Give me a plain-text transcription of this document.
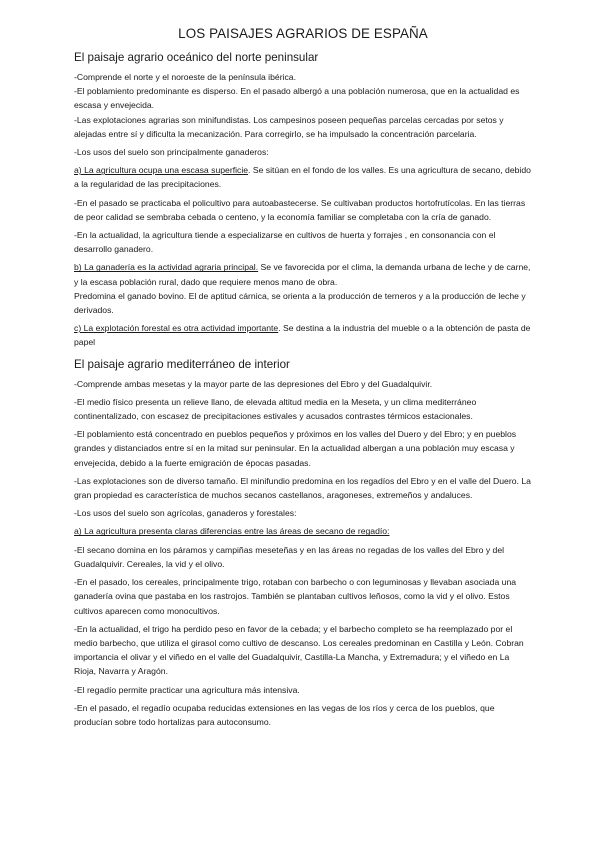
LOS PAISAJES AGRARIOS DE ESPAÑA
El paisaje agrario oceánico del norte peninsular

-Comprende el norte y el noroeste de la península ibérica.

-El poblamiento predominante es disperso. En el pasado albergó a una población numerosa, que en la actualidad es escasa y envejecida.

-Las explotaciones agrarias son minifundistas. Los campesinos poseen pequeñas parcelas cercadas por setos y alejadas entre sí y dificulta la mecanización. Para corregirlo, se ha impulsado la concentración parcelaria.

-Los usos del suelo son principalmente ganaderos:

a) La agricultura ocupa una escasa superficie. Se sitúan en el fondo de los valles. Es una agricultura de secano, debido a la regularidad de las precipitaciones.

-En el pasado se practicaba el policultivo para autoabastecerse. Se cultivaban productos hortofrutícolas. En las tierras de peor calidad se sembraba cebada o centeno, y la economía familiar se completaba con la cría de ganado.

-En la actualidad, la agricultura tiende a especializarse en cultivos de huerta y forrajes , en consonancia con el desarrollo ganadero.

b) La ganadería es la actividad agraria principal. Se ve favorecida por el clima, la demanda urbana de leche y de carne, y la escasa población rural, dado que requiere menos mano de obra.

Predomina el ganado bovino. El de aptitud cárnica, se orienta a la producción de terneros y a la producción de leche y derivados.

c) La explotación forestal es otra actividad importante. Se destina a la industria del mueble o a la obtención de pasta de papel

El paisaje agrario mediterráneo de interior

-Comprende ambas mesetas y la mayor parte de las depresiones del Ebro y del Guadalquivir.

-El medio físico presenta un relieve llano, de elevada altitud media en la Meseta, y un clima mediterráneo continentalizado, con escasez de precipitaciones estivales y acusados contrastes térmicos estacionales.

-El poblamiento está concentrado en pueblos pequeños y próximos en los valles del Duero y del Ebro; y en pueblos grandes y distanciados entre sí en la mitad sur peninsular. En la actualidad albergan a una población muy escasa y envejecida, debido a la fuerte emigración de épocas pasadas.

-Las explotaciones son de diverso tamaño. El minifundio predomina en los regadíos del Ebro y en el valle del Duero. La gran propiedad es característica de muchos secanos castellanos, aragoneses, extremeños y andaluces.

-Los usos del suelo son agrícolas, ganaderos y forestales:

a) La agricultura presenta claras diferencias entre las áreas de secano de regadío:

-El secano domina en los páramos y campiñas meseteñas y en las áreas no regadas de los valles del Ebro y del Guadalquivir. Cereales, la vid y el olivo.

-En el pasado, los cereales, principalmente trigo, rotaban con barbecho o con leguminosas y llevaban asociada una ganadería ovina que pastaba en los rastrojos. También se plantaban cultivos leñosos, como la vid y el olivo. Estos cultivos aparecen como monocultivos.

-En la actualidad, el trigo ha perdido peso en favor de la cebada; y el barbecho completo se ha reemplazado por el medio barbecho, que utiliza el girasol como cultivo de descanso. Los cereales predominan en Castilla y León. Cobran importancia el olivar y el viñedo en el valle del Guadalquivir, Castilla-La Mancha, y Extremadura; y el viñedo en La Rioja, Navarra y Aragón.

-El regadío permite practicar una agricultura más intensiva.

-En el pasado, el regadío ocupaba reducidas extensiones en las vegas de los ríos y cerca de los pueblos, que producían sobre todo hortalizas para autoconsumo.
